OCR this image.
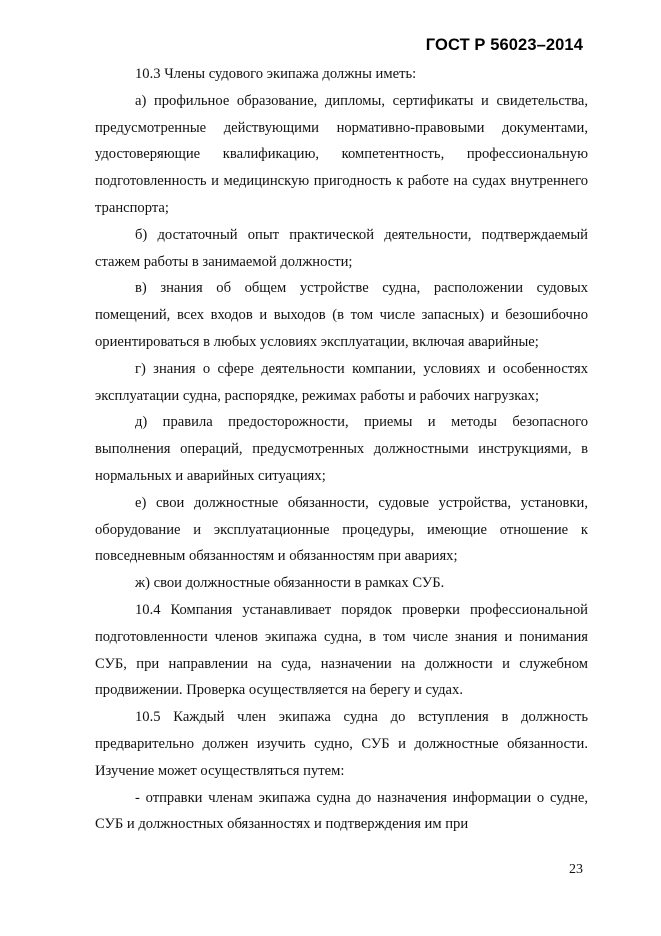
ГОСТ Р 56023–2014

10.3 Члены судового экипажа должны иметь:

а) профильное образование, дипломы, сертификаты и свидетельства, предусмотренные действующими нормативно-правовыми документами, удостоверяющие квалификацию, компетентность, профессиональную подготовленность и медицинскую пригодность к работе на судах внутреннего транспорта;

б) достаточный опыт практической деятельности, подтверждаемый стажем работы в занимаемой должности;

в) знания об общем устройстве судна, расположении судовых помещений, всех входов и выходов (в том числе запасных) и безошибочно ориентироваться в любых условиях эксплуатации, включая аварийные;

г) знания о сфере деятельности компании, условиях и особенностях эксплуатации судна, распорядке, режимах работы и рабочих нагрузках;

д) правила предосторожности, приемы и методы безопасного выполнения операций, предусмотренных должностными инструкциями, в нормальных и аварийных ситуациях;

е) свои должностные обязанности, судовые устройства, установки, оборудование и эксплуатационные процедуры, имеющие отношение к повседневным обязанностям и обязанностям при авариях;

ж) свои должностные обязанности в рамках СУБ.

10.4 Компания устанавливает порядок проверки профессиональной подготовленности членов экипажа судна, в том числе знания и понимания СУБ, при направлении на суда, назначении на должности и служебном продвижении. Проверка осуществляется на берегу и судах.

10.5 Каждый член экипажа судна до вступления в должность предварительно должен изучить судно, СУБ и должностные обязанности. Изучение может осуществляться путем:

- отправки членам экипажа судна до назначения информации о судне, СУБ и должностных обязанностях и подтверждения им при

23
